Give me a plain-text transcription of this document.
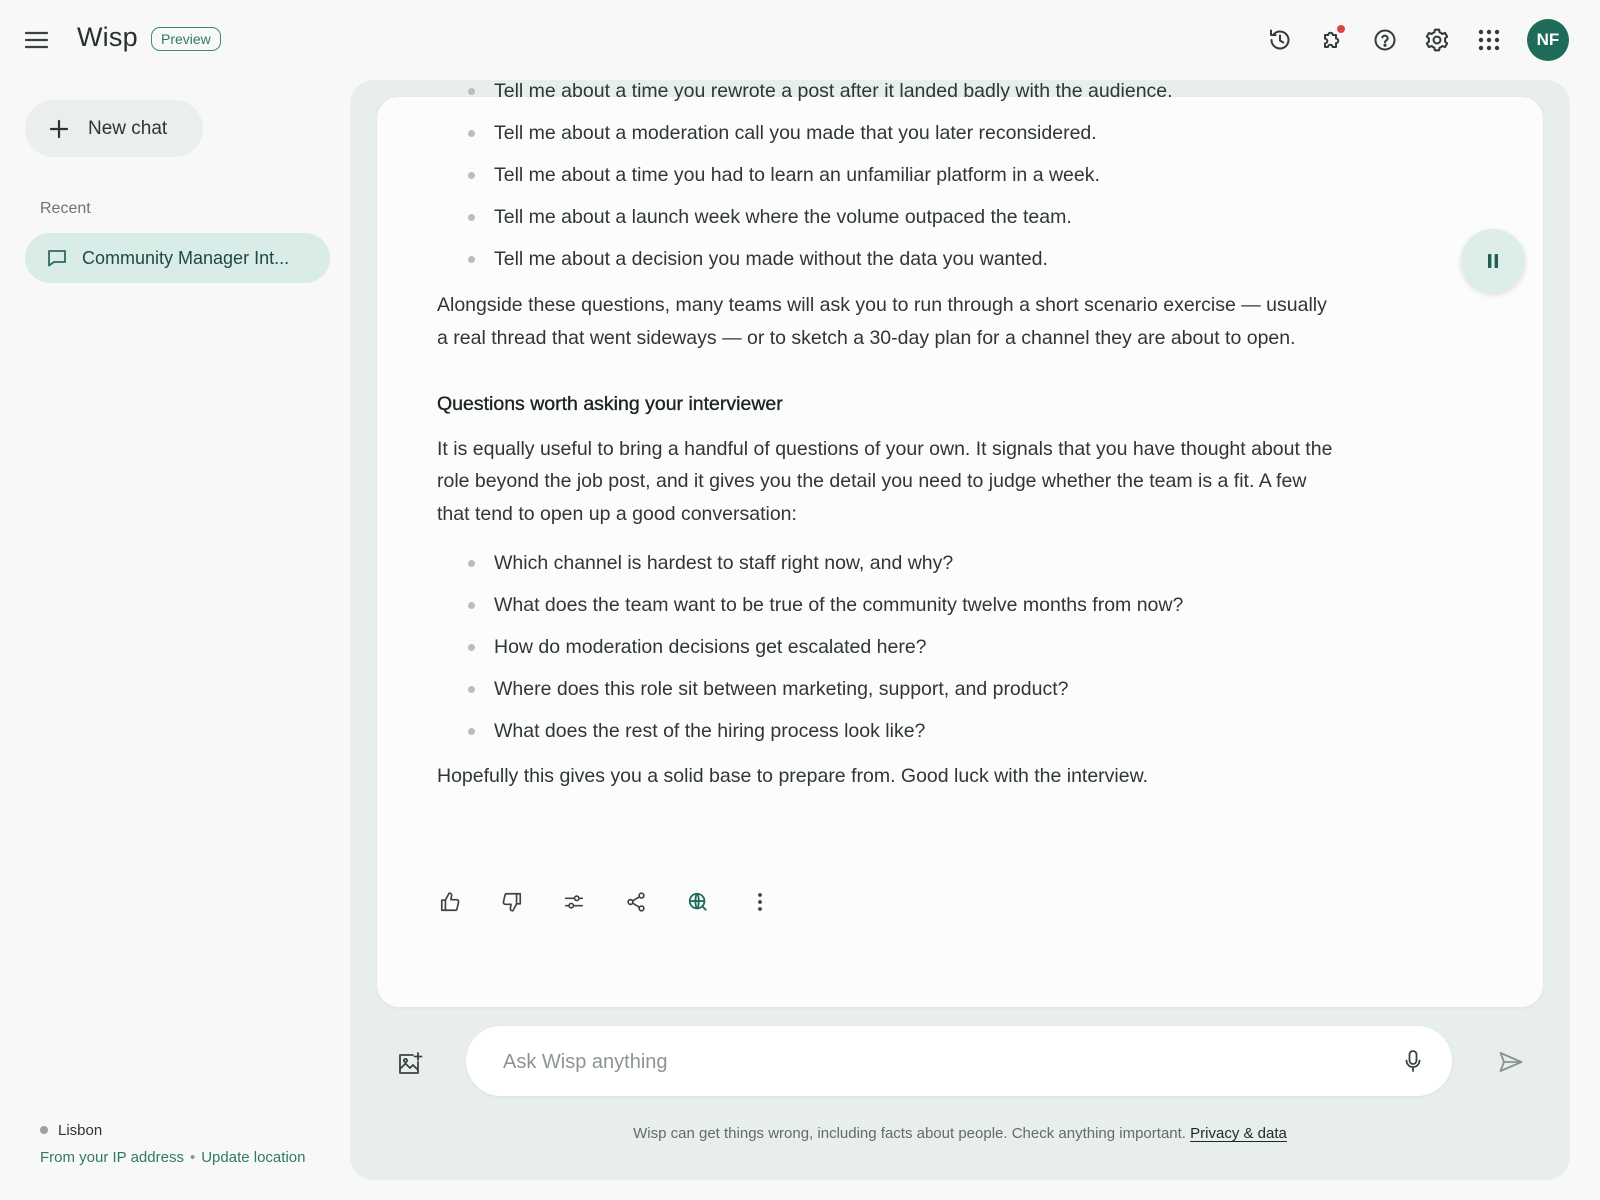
Wisp	Preview	NF
New chat
Recent
Community Manager Int...
Lisbon
From your IP address • Update location
Tell me about a time you rewrote a post after it landed badly with the audience.
Tell me about a moderation call you made that you later reconsidered.
Tell me about a time you had to learn an unfamiliar platform in a week.
Tell me about a launch week where the volume outpaced the team.
Tell me about a decision you made without the data you wanted.

Alongside these questions, many teams will ask you to run through a short scenario exercise — usually a real thread that went sideways — or to sketch a 30-day plan for a channel they are about to open.

Questions worth asking your interviewer

It is equally useful to bring a handful of questions of your own. It signals that you have thought about the role beyond the job post, and it gives you the detail you need to judge whether the team is a fit. A few that tend to open up a good conversation:

Which channel is hardest to staff right now, and why?
What does the team want to be true of the community twelve months from now?
How do moderation decisions get escalated here?
Where does this role sit between marketing, support, and product?
What does the rest of the hiring process look like?

Hopefully this gives you a solid base to prepare from. Good luck with the interview.

Ask Wisp anything
Wisp can get things wrong, including facts about people. Check anything important. Privacy & data
